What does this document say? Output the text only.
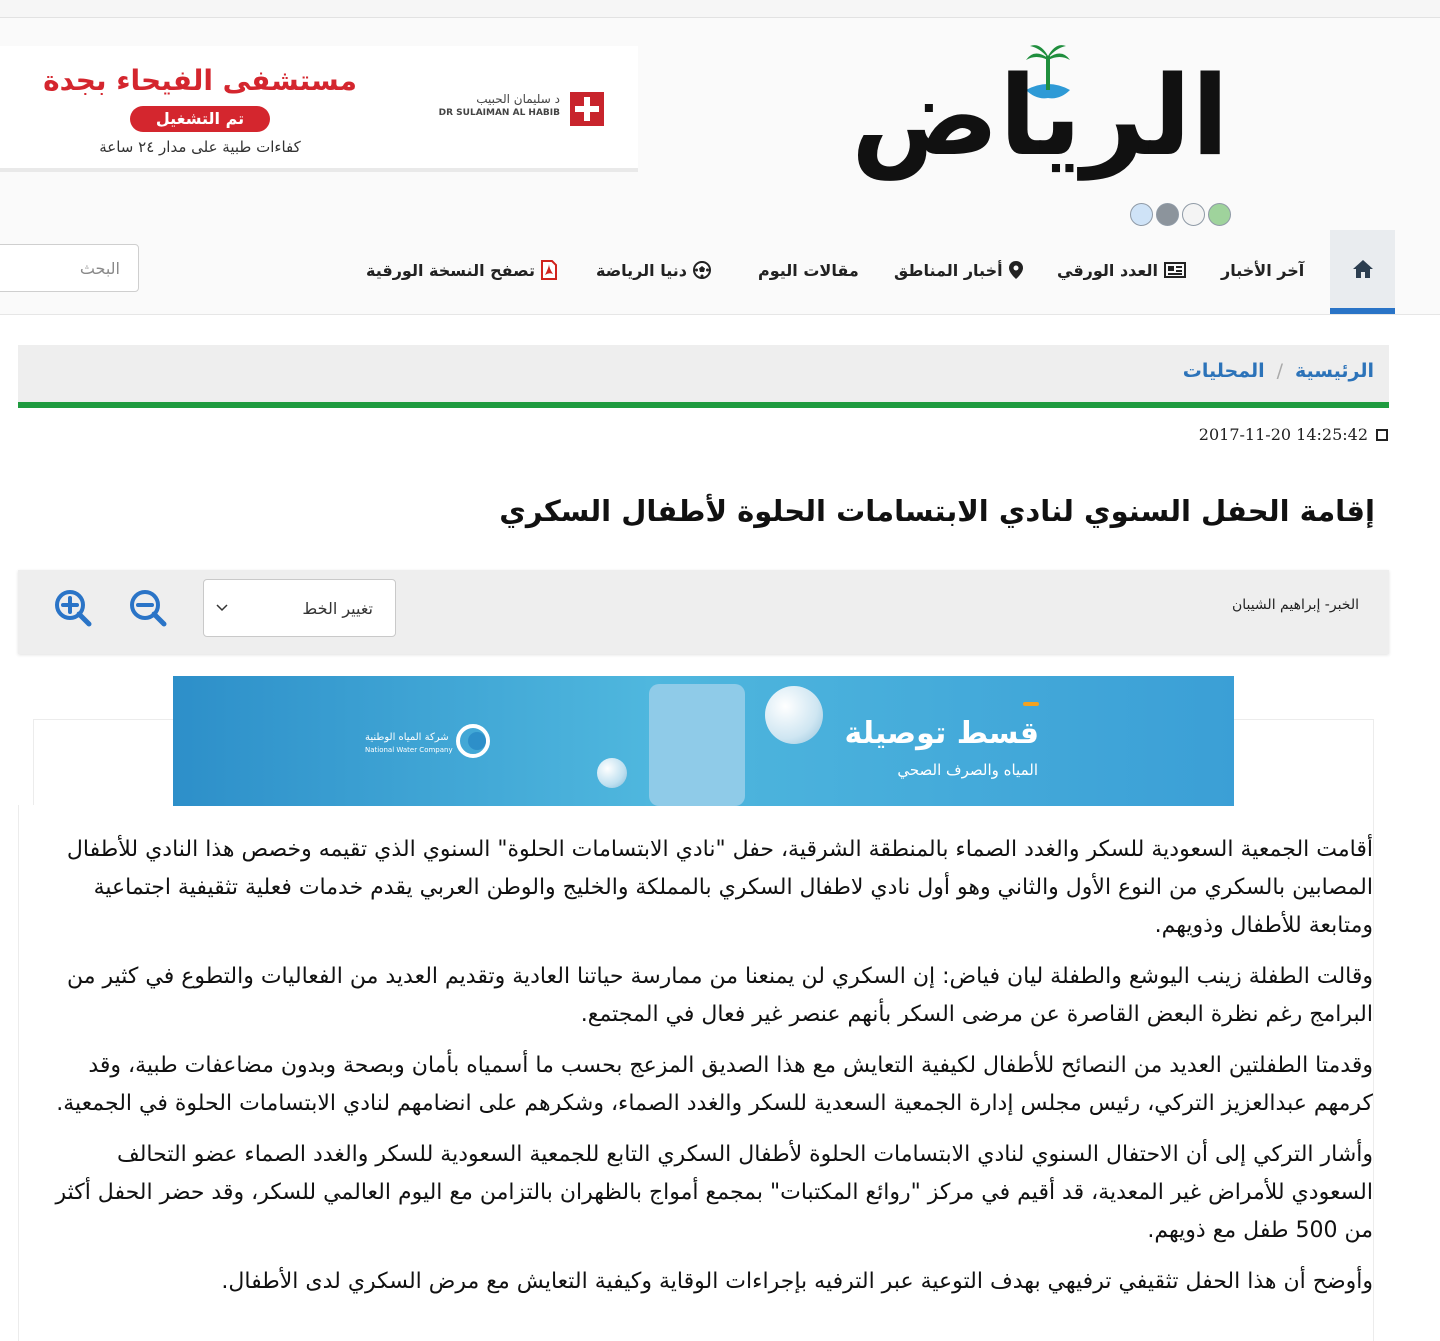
الرياض
مستشفى الفيحاء بجدة
تم التشغيل
كفاءات طبية على مدار ٢٤ ساعة
د سليمان الحبيب
DR SULAIMAN AL HABIB
آخر الأخبار
العدد الورقي
أخبار المناطق
مقالات اليوم
دنيا الرياضة
تصفح النسخة الورقية
البحث
الرئيسية
/
المحليات
2017-11-20 14:25:42
إقامة الحفل السنوي لنادي الابتسامات الحلوة لأطفال السكري
الخبر- إبراهيم الشيبان
تغيير الخط
قسط توصيلة
المياه والصرف الصحي
شركة المياه الوطنية
National Water Company

أقامت الجمعية السعودية للسكر والغدد الصماء بالمنطقة الشرقية، حفل "نادي الابتسامات الحلوة" السنوي الذي تقيمه وخصص هذا النادي للأطفال المصابين بالسكري من النوع الأول والثاني وهو أول نادي لاطفال السكري بالمملكة والخليج والوطن العربي يقدم خدمات فعلية تثقيفية اجتماعية ومتابعة للأطفال وذويهم.

وقالت الطفلة زينب اليوشع والطفلة ليان فياض: إن السكري لن يمنعنا من ممارسة حياتنا العادية وتقديم العديد من الفعاليات والتطوع في كثير من البرامج رغم نظرة البعض القاصرة عن مرضى السكر بأنهم عنصر غير فعال في المجتمع.

وقدمتا الطفلتين العديد من النصائح للأطفال لكيفية التعايش مع هذا الصديق المزعج بحسب ما أسمياه بأمان وبصحة وبدون مضاعفات طبية، وقد كرمهم عبدالعزيز التركي، رئيس مجلس إدارة الجمعية السعدية للسكر والغدد الصماء، وشكرهم على انضامهم لنادي الابتسامات الحلوة في الجمعية.

وأشار التركي إلى أن الاحتفال السنوي لنادي الابتسامات الحلوة لأطفال السكري التابع للجمعية السعودية للسكر والغدد الصماء عضو التحالف السعودي للأمراض غير المعدية، قد أقيم في مركز "روائع المكتبات" بمجمع أمواج بالظهران بالتزامن مع اليوم العالمي للسكر، وقد حضر الحفل أكثر من 500 طفل مع ذويهم.

وأوضح أن هذا الحفل تثقيفي ترفيهي بهدف التوعية عبر الترفيه بإجراءات الوقاية وكيفية التعايش مع مرض السكري لدى الأطفال.
